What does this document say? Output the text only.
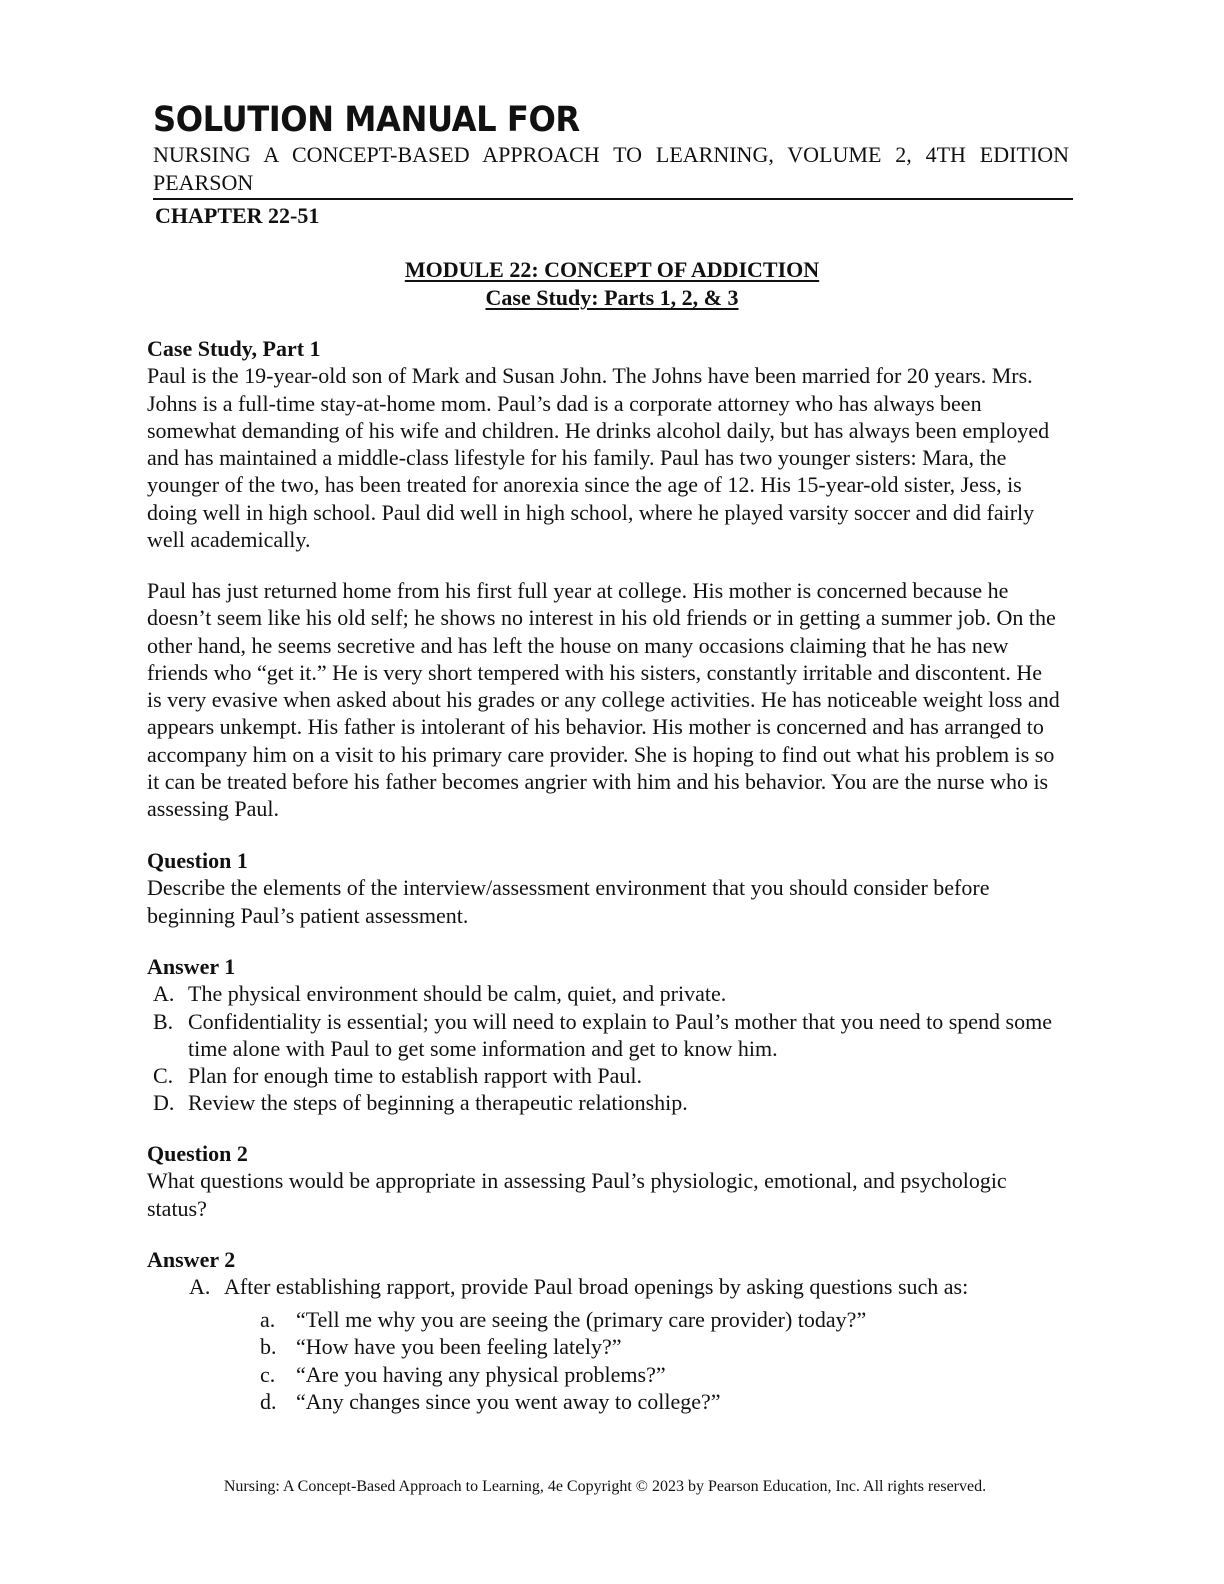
SOLUTION MANUAL FOR
NURSING A CONCEPT-BASED APPROACH TO LEARNING, VOLUME 2, 4TH EDITION PEARSON
CHAPTER 22-51
MODULE 22: CONCEPT OF ADDICTION
Case Study: Parts 1, 2, & 3

Case Study, Part 1

Paul is the 19-year-old son of Mark and Susan John. The Johns have been married for 20 years. Mrs. Johns is a full-time stay-at-home mom. Paul’s dad is a corporate attorney who has always been somewhat demanding of his wife and children. He drinks alcohol daily, but has always been employed and has maintained a middle-class lifestyle for his family. Paul has two younger sisters: Mara, the younger of the two, has been treated for anorexia since the age of 12. His 15-year-old sister, Jess, is doing well in high school. Paul did well in high school, where he played varsity soccer and did fairly well academically.

Paul has just returned home from his first full year at college. His mother is concerned because he doesn’t seem like his old self; he shows no interest in his old friends or in getting a summer job. On the other hand, he seems secretive and has left the house on many occasions claiming that he has new friends who “get it.” He is very short tempered with his sisters, constantly irritable and discontent. He is very evasive when asked about his grades or any college activities. He has noticeable weight loss and appears unkempt. His father is intolerant of his behavior. His mother is concerned and has arranged to accompany him on a visit to his primary care provider. She is hoping to find out what his problem is so it can be treated before his father becomes angrier with him and his behavior. You are the nurse who is assessing Paul.

Question 1

Describe the elements of the interview/assessment environment that you should consider before beginning Paul’s patient assessment.

Answer 1

A. The physical environment should be calm, quiet, and private.
B. Confidentiality is essential; you will need to explain to Paul’s mother that you need to spend some time alone with Paul to get some information and get to know him.
C. Plan for enough time to establish rapport with Paul.
D. Review the steps of beginning a therapeutic relationship.

Question 2

What questions would be appropriate in assessing Paul’s physiologic, emotional, and psychologic status?

Answer 2

A. After establishing rapport, provide Paul broad openings by asking questions such as:
a. “Tell me why you are seeing the (primary care provider) today?”
b. “How have you been feeling lately?”
c. “Are you having any physical problems?”
d. “Any changes since you went away to college?”
Nursing: A Concept-Based Approach to Learning, 4e Copyright © 2023 by Pearson Education, Inc. All rights reserved.
